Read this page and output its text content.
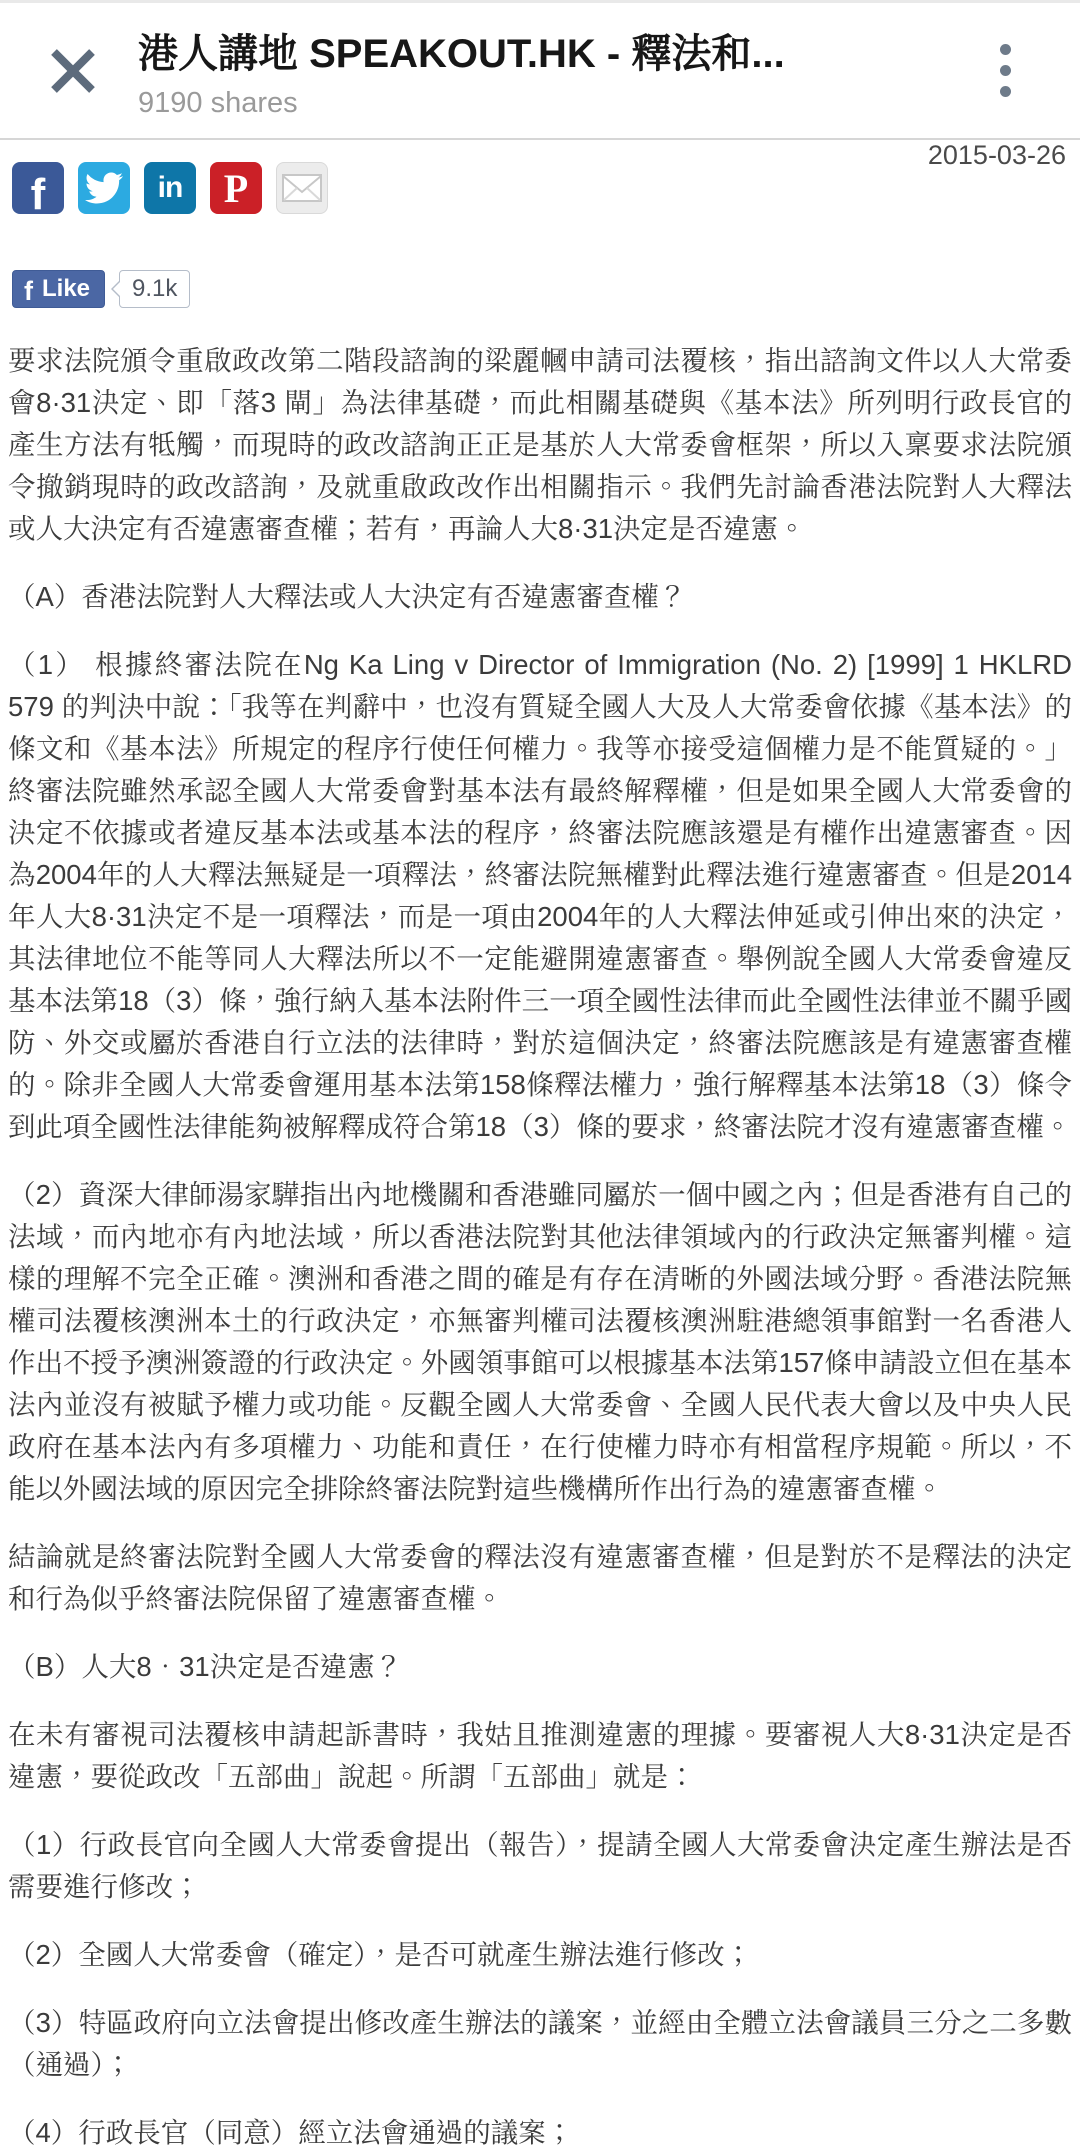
港人講地 SPEAKOUT.HK - 釋法和...
9190 shares
2015-03-26
f	in P
f Like 9.1k

要求法院頒令重啟政改第二階段諮詢的梁麗幗申請司法覆核，指出諮詢文件以人大常委會8·31決定、即「落3 閘」為法律基礎，而此相關基礎與《基本法》所列明行政長官的產生方法有牴觸，而現時的政改諮詢正正是基於人大常委會框架，所以入稟要求法院頒令撤銷現時的政改諮詢，及就重啟政改作出相關指示。我們先討論香港法院對人大釋法或人大決定有否違憲審查權；若有，再論人大8·31決定是否違憲。

（A）香港法院對人大釋法或人大決定有否違憲審查權？

（1） 根據終審法院在Ng Ka Ling v Director of Immigration (No. 2) [1999] 1 HKLRD 579 的判決中說：「我等在判辭中，也沒有質疑全國人大及人大常委會依據《基本法》的條文和《基本法》所規定的程序行使任何權力。我等亦接受這個權力是不能質疑的。」終審法院雖然承認全國人大常委會對基本法有最終解釋權，但是如果全國人大常委會的決定不依據或者違反基本法或基本法的程序，終審法院應該還是有權作出違憲審查。因為2004年的人大釋法無疑是一項釋法，終審法院無權對此釋法進行違憲審查。但是2014年人大8·31決定不是一項釋法，而是一項由2004年的人大釋法伸延或引伸出來的決定，其法律地位不能等同人大釋法所以不一定能避開違憲審查。舉例說全國人大常委會違反基本法第18（3）條，強行納入基本法附件三一項全國性法律而此全國性法律並不關乎國防、外交或屬於香港自行立法的法律時，對於這個決定，終審法院應該是有違憲審查權的。除非全國人大常委會運用基本法第158條釋法權力，強行解釋基本法第18（3）條令到此項全國性法律能夠被解釋成符合第18（3）條的要求，終審法院才沒有違憲審查權。

（2）資深大律師湯家驊指出內地機關和香港雖同屬於一個中國之內；但是香港有自己的法域，而內地亦有內地法域，所以香港法院對其他法律領域內的行政決定無審判權。這樣的理解不完全正確。澳洲和香港之間的確是有存在清晰的外國法域分野。香港法院無權司法覆核澳洲本土的行政決定，亦無審判權司法覆核澳洲駐港總領事館對一名香港人作出不授予澳洲簽證的行政決定。外國領事館可以根據基本法第157條申請設立但在基本法內並沒有被賦予權力或功能。反觀全國人大常委會、全國人民代表大會以及中央人民政府在基本法內有多項權力、功能和責任，在行使權力時亦有相當程序規範。所以，不能以外國法域的原因完全排除終審法院對這些機構所作出行為的違憲審查權。

結論就是終審法院對全國人大常委會的釋法沒有違憲審查權，但是對於不是釋法的決定和行為似乎終審法院保留了違憲審查權。

（B）人大8．31決定是否違憲？

在未有審視司法覆核申請起訴書時，我姑且推測違憲的理據。要審視人大8·31決定是否違憲，要從政改「五部曲」說起。所謂「五部曲」就是：

（1）行政長官向全國人大常委會提出（報告），提請全國人大常委會決定產生辦法是否需要進行修改；

（2）全國人大常委會（確定），是否可就產生辦法進行修改；

（3）特區政府向立法會提出修改產生辦法的議案，並經由全體立法會議員三分之二多數（通過）；

（4）行政長官（同意）經立法會通過的議案；
